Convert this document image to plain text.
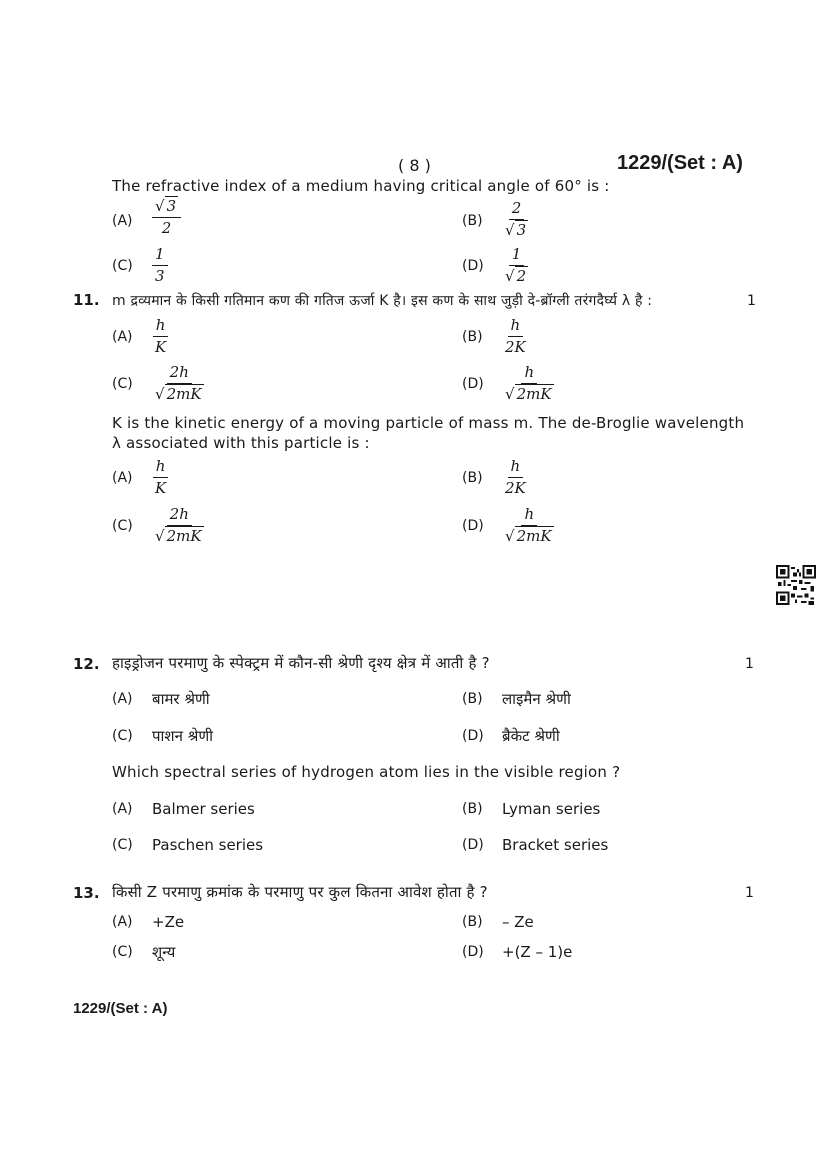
( 8 )	1229/(Set : A)
The refractive index of a medium having critical angle of 60° is :
$(A) \frac{√ 3}{2}$	$(B) \frac{2}{√ 3}$
$(C) \frac{1}{3}$	$(D) \frac{1}{√ 2}$
11. m द्रव्यमान के किसी गतिमान कण की गतिज ऊर्जा K है। इस कण के साथ जुड़ी दे-ब्रॉग्ली तरंगदैर्घ्य λ है :	1
$(A) \frac{h}{K}$	$(B) \frac{h}{2K}$
$(C) \frac{2h}{√ 2mK}$	$(D) \frac{h}{√ 2mK}$
K is the kinetic energy of a moving particle of mass m. The de-Broglie wavelength
λ associated with this particle is :
$(A) \frac{h}{K}$	$(B) \frac{h}{2K}$
$(C) \frac{2h}{√ 2mK}$	$(D) \frac{h}{√ 2mK}$
12. हाइड्रोजन परमाणु के स्पेक्ट्रम में कौन-सी श्रेणी दृश्य क्षेत्र में आती है ?	1
(A) बामर श्रेणी	(B) लाइमैन श्रेणी
(C) पाशन श्रेणी	(D) ब्रैकेट श्रेणी
Which spectral series of hydrogen atom lies in the visible region ?
(A) Balmer series	(B) Lyman series
(C) Paschen series	(D) Bracket series
13. किसी Z परमाणु क्रमांक के परमाणु पर कुल कितना आवेश होता है ?	1
(A) +Ze	(B) – Ze
(C) शून्य	(D) +(Z – 1)e
1229/(Set : A)
